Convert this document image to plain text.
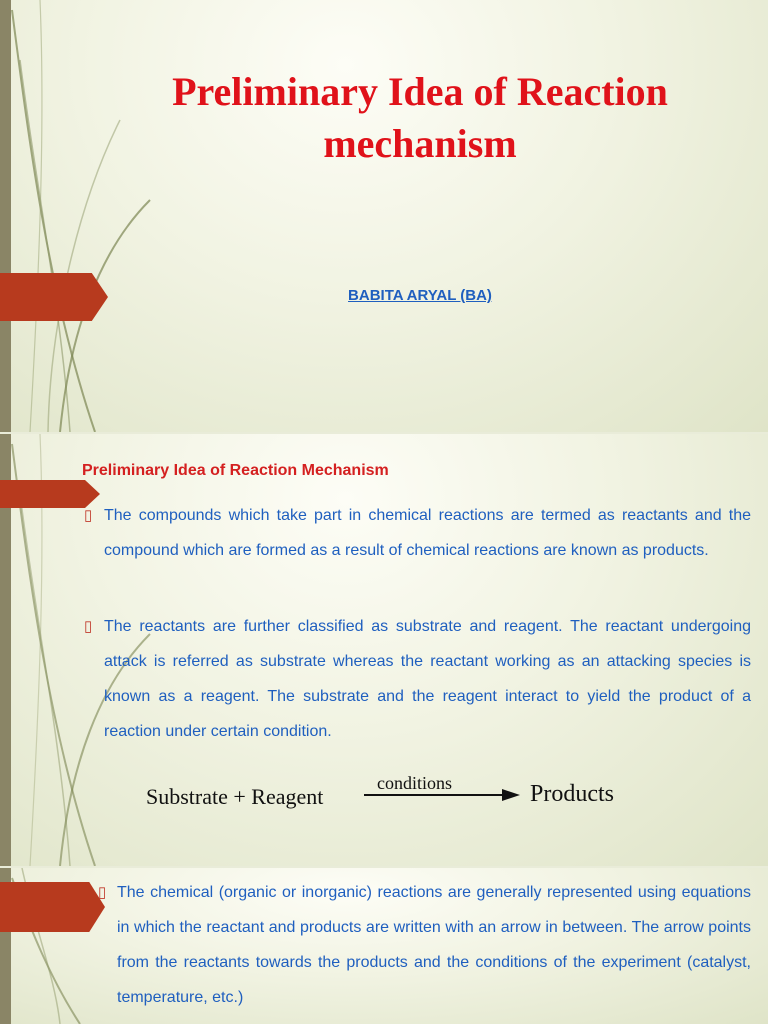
Preliminary Idea of Reaction
mechanism
BABITA ARYAL (BA)
Preliminary Idea of Reaction Mechanism
▯ The compounds which take part in chemical reactions are termed as reactants and the compound which are formed as a result of chemical reactions are known as products.

▯ The reactants are further classified as substrate and reagent. The reactant undergoing attack is referred as substrate whereas the reactant working as an attacking species is known as a reagent. The substrate and the reagent interact to yield the product of a reaction under certain condition.

Substrate + Reagent
conditions	Products
▯ The chemical (organic or inorganic) reactions are generally represented using equations in which the reactant and products are written with an arrow in between. The arrow points from the reactants towards the products and the conditions of the experiment (catalyst, temperature, etc.)
